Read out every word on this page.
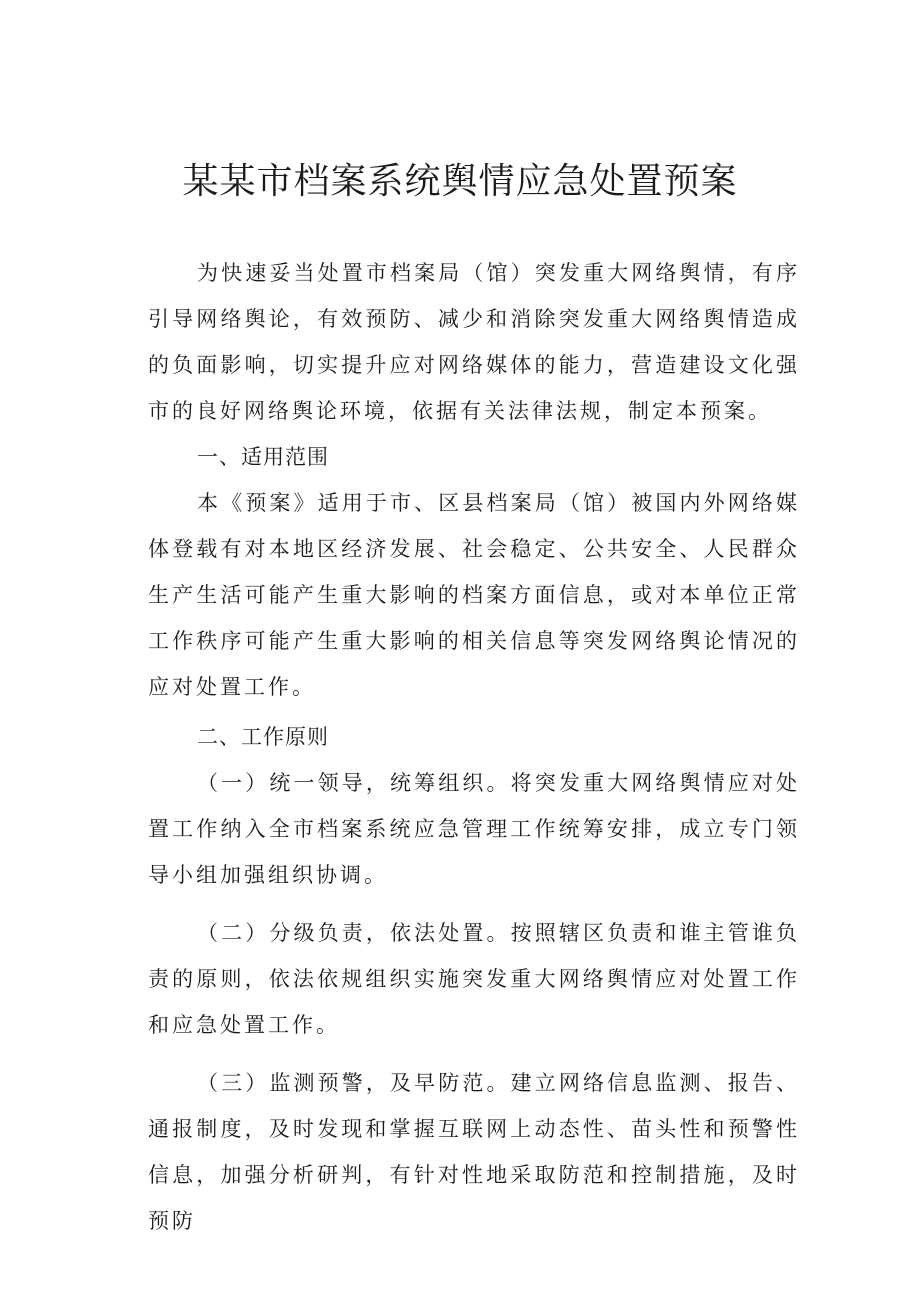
某某市档案系统舆情应急处置预案

为快速妥当处置市档案局（馆）突发重大网络舆情，有序引导网络舆论，有效预防、减少和消除突发重大网络舆情造成的负面影响，切实提升应对网络媒体的能力，营造建设文化强市的良好网络舆论环境，依据有关法律法规，制定本预案。

一、适用范围

本《预案》适用于市、区县档案局（馆）被国内外网络媒体登载有对本地区经济发展、社会稳定、公共安全、人民群众生产生活可能产生重大影响的档案方面信息，或对本单位正常工作秩序可能产生重大影响的相关信息等突发网络舆论情况的应对处置工作。

二、工作原则

（一）统一领导，统筹组织。将突发重大网络舆情应对处置工作纳入全市档案系统应急管理工作统筹安排，成立专门领导小组加强组织协调。

（二）分级负责，依法处置。按照辖区负责和谁主管谁负责的原则，依法依规组织实施突发重大网络舆情应对处置工作和应急处置工作。

（三）监测预警，及早防范。建立网络信息监测、报告、通报制度，及时发现和掌握互联网上动态性、苗头性和预警性信息，加强分析研判，有针对性地采取防范和控制措施，及时预防
